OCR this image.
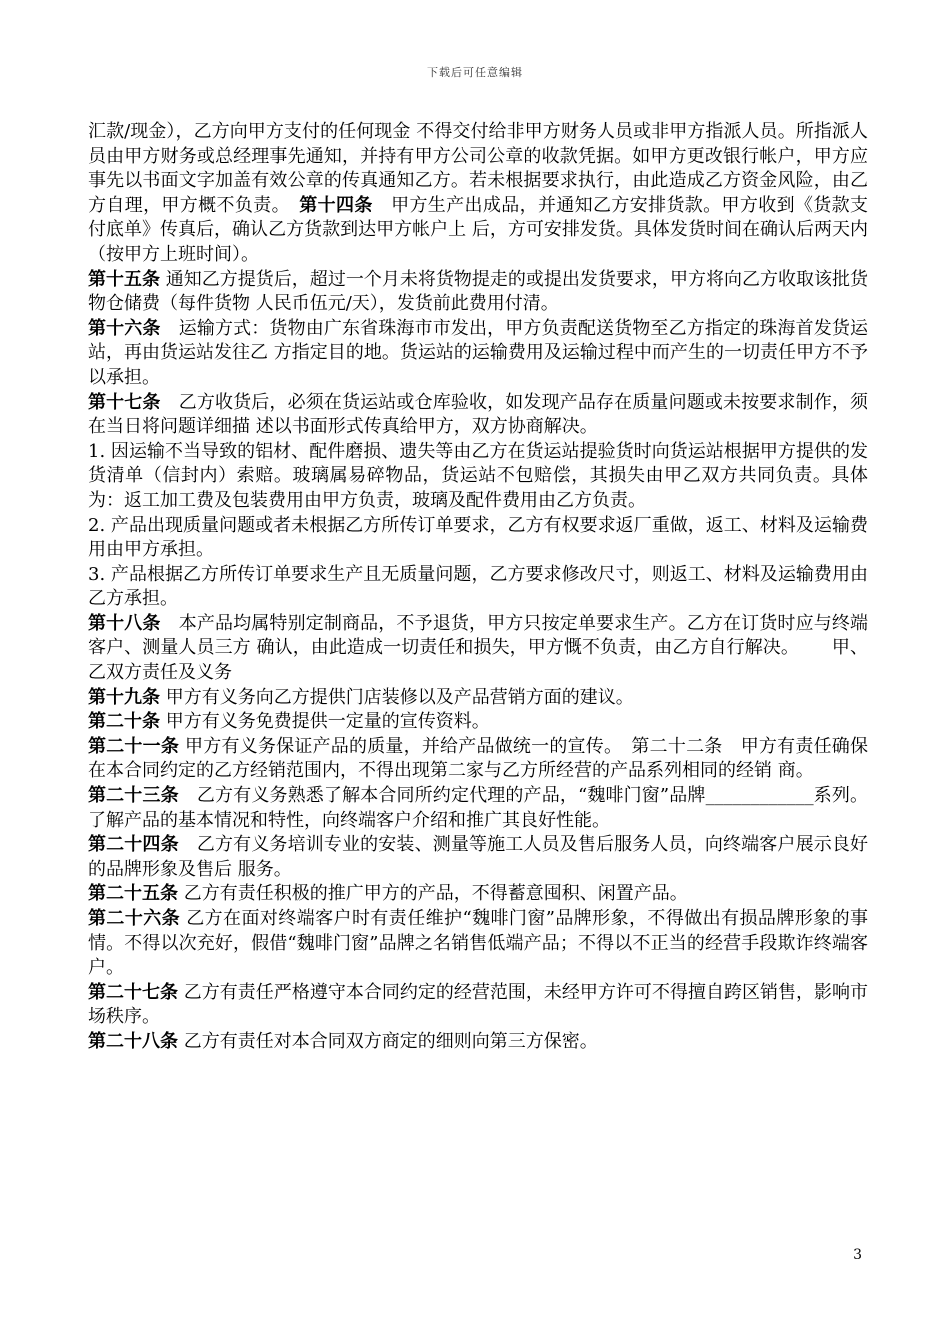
下载后可任意编辑

汇款/现金），乙方向甲方支付的任何现金 不得交付给非甲方财务人员或非甲方指派人员。所指派人员由甲方财务或总经理事先通知，并持有甲方公司公章的收款凭据。如甲方更改银行帐户，甲方应事先以书面文字加盖有效公章的传真通知乙方。若未根据要求执行，由此造成乙方资金风险，由乙方自理，甲方概不负责。　第十四条　甲方生产出成品，并通知乙方安排货款。甲方收到《货款支付底单》传真后，确认乙方货款到达甲方帐户上 后，方可安排发货。具体发货时间在确认后两天内（按甲方上班时间）。

第十五条 通知乙方提货后，超过一个月未将货物提走的或提出发货要求，甲方将向乙方收取该批货物仓储费（每件货物 人民币伍元/天），发货前此费用付清。

第十六条　运输方式：货物由广东省珠海市市发出，甲方负责配送货物至乙方指定的珠海首发货运站，再由货运站发往乙 方指定目的地。货运站的运输费用及运输过程中而产生的一切责任甲方不予以承担。

第十七条　乙方收货后，必须在货运站或仓库验收，如发现产品存在质量问题或未按要求制作，须在当日将问题详细描 述以书面形式传真给甲方，双方协商解决。

1. 因运输不当导致的铝材、配件磨损、遗失等由乙方在货运站提验货时向货运站根据甲方提供的发货清单（信封内）索赔。玻璃属易碎物品，货运站不包赔偿，其损失由甲乙双方共同负责。具体为：返工加工费及包装费用由甲方负责，玻璃及配件费用由乙方负责。

2. 产品出现质量问题或者未根据乙方所传订单要求，乙方有权要求返厂重做，返工、材料及运输费用由甲方承担。

3. 产品根据乙方所传订单要求生产且无质量问题，乙方要求修改尺寸，则返工、材料及运输费用由乙方承担。

第十八条　本产品均属特别定制商品，不予退货，甲方只按定单要求生产。乙方在订货时应与终端客户、测量人员三方 确认，由此造成一切责任和损失，甲方慨不负责，由乙方自行解决。　　 甲、乙双方责任及义务

第十九条 甲方有义务向乙方提供门店装修以及产品营销方面的建议。

第二十条 甲方有义务免费提供一定量的宣传资料。

第二十一条 甲方有义务保证产品的质量，并给产品做统一的宣传。　第二十二条　甲方有责任确保在本合同约定的乙方经销范围内，不得出现第二家与乙方所经营的产品系列相同的经销 商。

第二十三条　乙方有义务熟悉了解本合同所约定代理的产品，“魏啡门窗”品牌____________系列。了解产品的基本情况和特性，向终端客户介绍和推广其良好性能。

第二十四条　乙方有义务培训专业的安装、测量等施工人员及售后服务人员，向终端客户展示良好的品牌形象及售后 服务。

第二十五条 乙方有责任积极的推广甲方的产品，不得蓄意囤积、闲置产品。

第二十六条 乙方在面对终端客户时有责任维护“魏啡门窗”品牌形象，不得做出有损品牌形象的事情。不得以次充好，假借“魏啡门窗”品牌之名销售低端产品；不得以不正当的经营手段欺诈终端客户。

第二十七条 乙方有责任严格遵守本合同约定的经营范围，未经甲方许可不得擅自跨区销售，影响市场秩序。

第二十八条 乙方有责任对本合同双方商定的细则向第三方保密。

3
